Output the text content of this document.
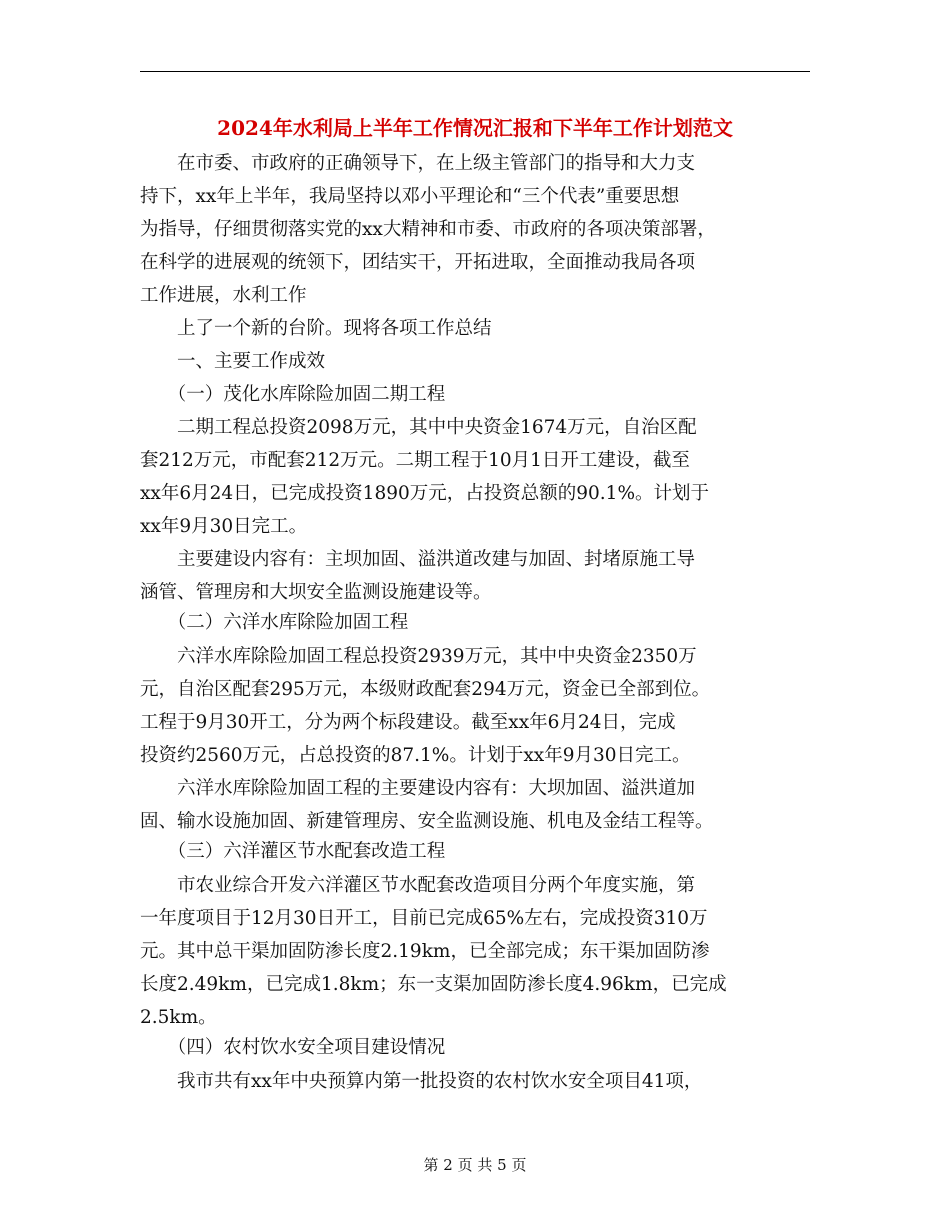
2024年水利局上半年工作情况汇报和下半年工作计划范文
　　在市委、市政府的正确领导下，在上级主管部门的指导和大力支
持下，xx年上半年，我局坚持以邓小平理论和“三个代表”重要思想
为指导，仔细贯彻落实党的xx大精神和市委、市政府的各项决策部署，
在科学的进展观的统领下，团结实干，开拓进取，全面推动我局各项
工作进展，水利工作
　　上了一个新的台阶。现将各项工作总结
　　一、主要工作成效
　　（一）茂化水库除险加固二期工程
　　二期工程总投资2098万元，其中中央资金1674万元，自治区配
套212万元，市配套212万元。二期工程于10月1日开工建设，截至
xx年6月24日，已完成投资1890万元，占投资总额的90.1%。计划于
xx年9月30日完工。
　　主要建设内容有：主坝加固、溢洪道改建与加固、封堵原施工导
涵管、管理房和大坝安全监测设施建设等。
　　（二）六洋水库除险加固工程
　　六洋水库除险加固工程总投资2939万元，其中中央资金2350万
元，自治区配套295万元，本级财政配套294万元，资金已全部到位。
工程于9月30开工，分为两个标段建设。截至xx年6月24日，完成
投资约2560万元，占总投资的87.1%。计划于xx年9月30日完工。
　　六洋水库除险加固工程的主要建设内容有：大坝加固、溢洪道加
固、输水设施加固、新建管理房、安全监测设施、机电及金结工程等。
　　（三）六洋灌区节水配套改造工程
　　市农业综合开发六洋灌区节水配套改造项目分两个年度实施，第
一年度项目于12月30日开工，目前已完成65%左右，完成投资310万
元。其中总干渠加固防渗长度2.19km，已全部完成；东干渠加固防渗
长度2.49km，已完成1.8km；东一支渠加固防渗长度4.96km，已完成
2.5km。
　　（四）农村饮水安全项目建设情况
　　我市共有xx年中央预算内第一批投资的农村饮水安全项目41项，
第 2 页 共 5 页
